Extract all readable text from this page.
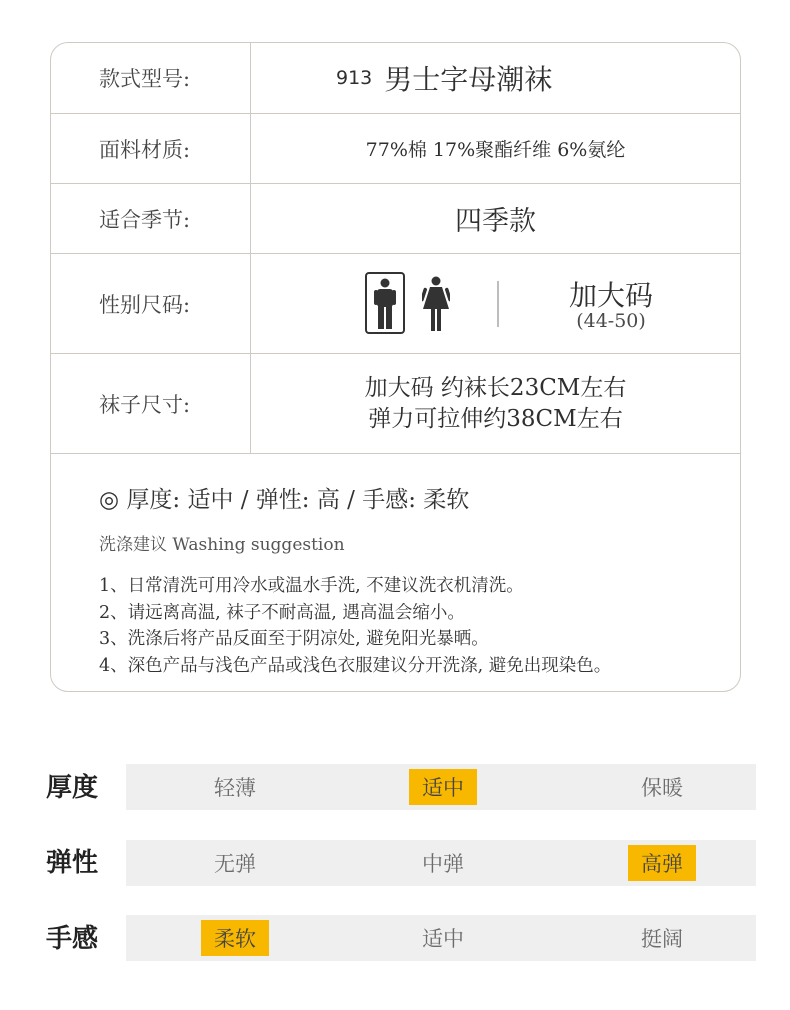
款式型号:	913 男士字母潮袜
面料材质:	77%棉 17%聚酯纤维 6%氨纶
适合季节:	四季款
性别尺码:	加大码
(44-50)
袜子尺寸:
加大码 约袜长23CM左右
弹力可拉伸约38CM左右
◎ 厚度: 适中 / 弹性: 高 / 手感: 柔软
洗涤建议 Washing suggestion
1、日常清洗可用冷水或温水手洗, 不建议洗衣机清洗。
2、请远离高温, 袜子不耐高温, 遇高温会缩小。
3、洗涤后将产品反面至于阴凉处, 避免阳光暴晒。
4、深色产品与浅色产品或浅色衣服建议分开洗涤, 避免出现染色。
厚度	轻薄	适中	保暖
弹性	无弹	中弹	高弹
手感	柔软	适中	挺阔
